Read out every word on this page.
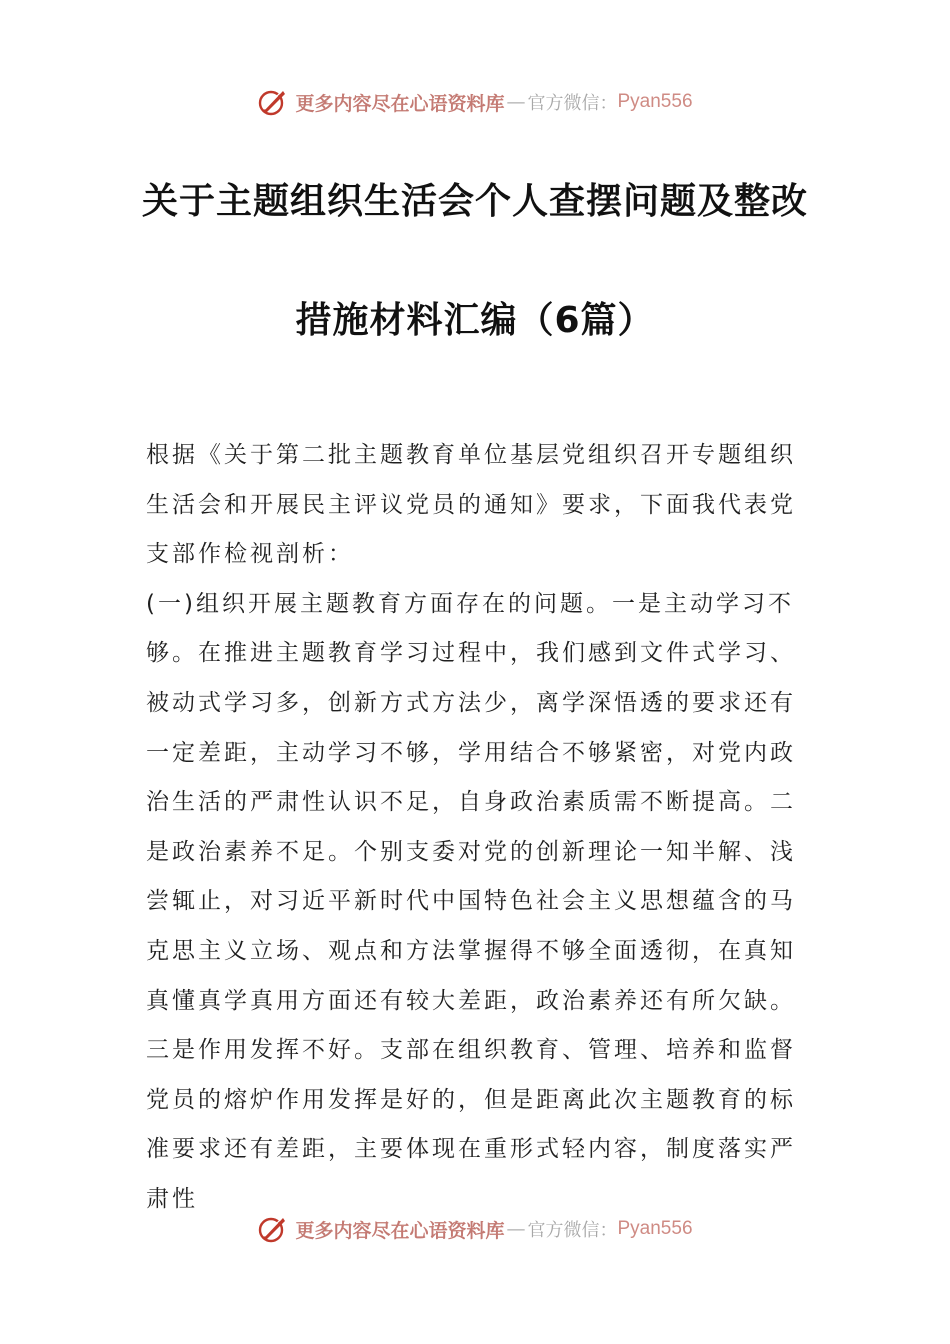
更多内容尽在心语资料库 — 官方微信： Pyan556
关于主题组织生活会个人查摆问题及整改
措施材料汇编（6篇）

根据《关于第二批主题教育单位基层党组织召开专题组织生活会和开展民主评议党员的通知》要求，下面我代表党支部作检视剖析：

(一)组织开展主题教育方面存在的问题。一是主动学习不够。在推进主题教育学习过程中，我们感到文件式学习、被动式学习多，创新方式方法少，离学深悟透的要求还有一定差距，主动学习不够，学用结合不够紧密，对党内政治生活的严肃性认识不足，自身政治素质需不断提高。二是政治素养不足。个别支委对党的创新理论一知半解、浅尝辄止，对习近平新时代中国特色社会主义思想蕴含的马克思主义立场、观点和方法掌握得不够全面透彻，在真知真懂真学真用方面还有较大差距，政治素养还有所欠缺。三是作用发挥不好。支部在组织教育、管理、培养和监督党员的熔炉作用发挥是好的，但是距离此次主题教育的标准要求还有差距，主要体现在重形式轻内容，制度落实严肃性

更多内容尽在心语资料库 — 官方微信： Pyan556
